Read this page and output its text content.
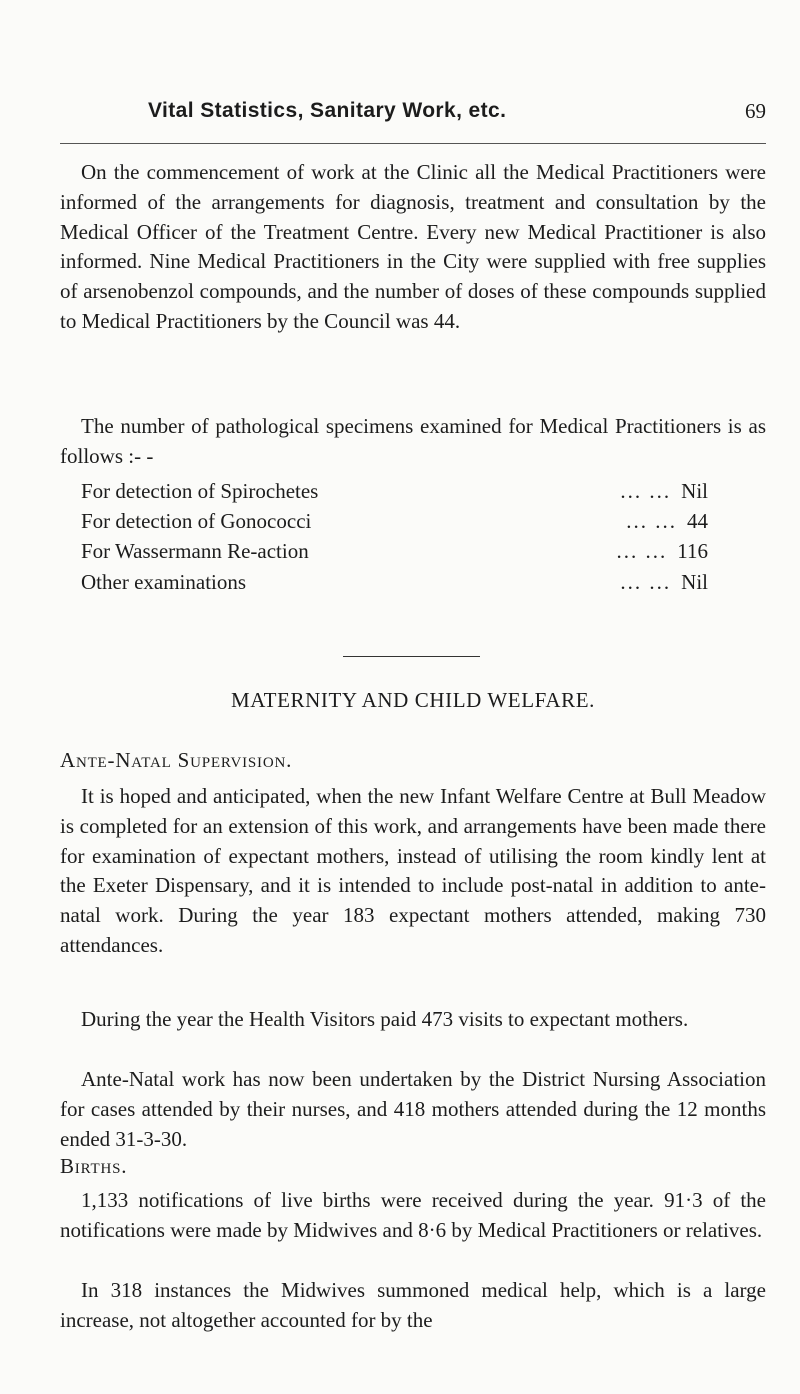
Vital Statistics, Sanitary Work, etc.	69

On the commencement of work at the Clinic all the Medical Practitioners were informed of the arrangements for diagnosis, treatment and consultation by the Medical Officer of the Treatment Centre. Every new Medical Practitioner is also informed. Nine Medical Practitioners in the City were supplied with free supplies of arsenobenzol compounds, and the number of doses of these compounds supplied to Medical Practitioners by the Council was 44.

The number of pathological specimens examined for Medical Practitioners is as follows :- -

For detection of Spirochetes	... ... Nil
For detection of Gonococci	... ... 44
For Wassermann Re-action	... ... 116
Other examinations	... ... Nil
MATERNITY AND CHILD WELFARE.
Ante-Natal Supervision.

It is hoped and anticipated, when the new Infant Welfare Centre at Bull Meadow is completed for an extension of this work, and arrangements have been made there for examination of expectant mothers, instead of utilising the room kindly lent at the Exeter Dispensary, and it is intended to include post-natal in addition to ante-natal work. During the year 183 expectant mothers attended, making 730 attendances.

During the year the Health Visitors paid 473 visits to expectant mothers.

Ante-Natal work has now been undertaken by the District Nursing Association for cases attended by their nurses, and 418 mothers attended during the 12 months ended 31-3-30.

Births.

1,133 notifications of live births were received during the year. 91·3 of the notifications were made by Midwives and 8·6 by Medical Practitioners or relatives.

In 318 instances the Midwives summoned medical help, which is a large increase, not altogether accounted for by the
